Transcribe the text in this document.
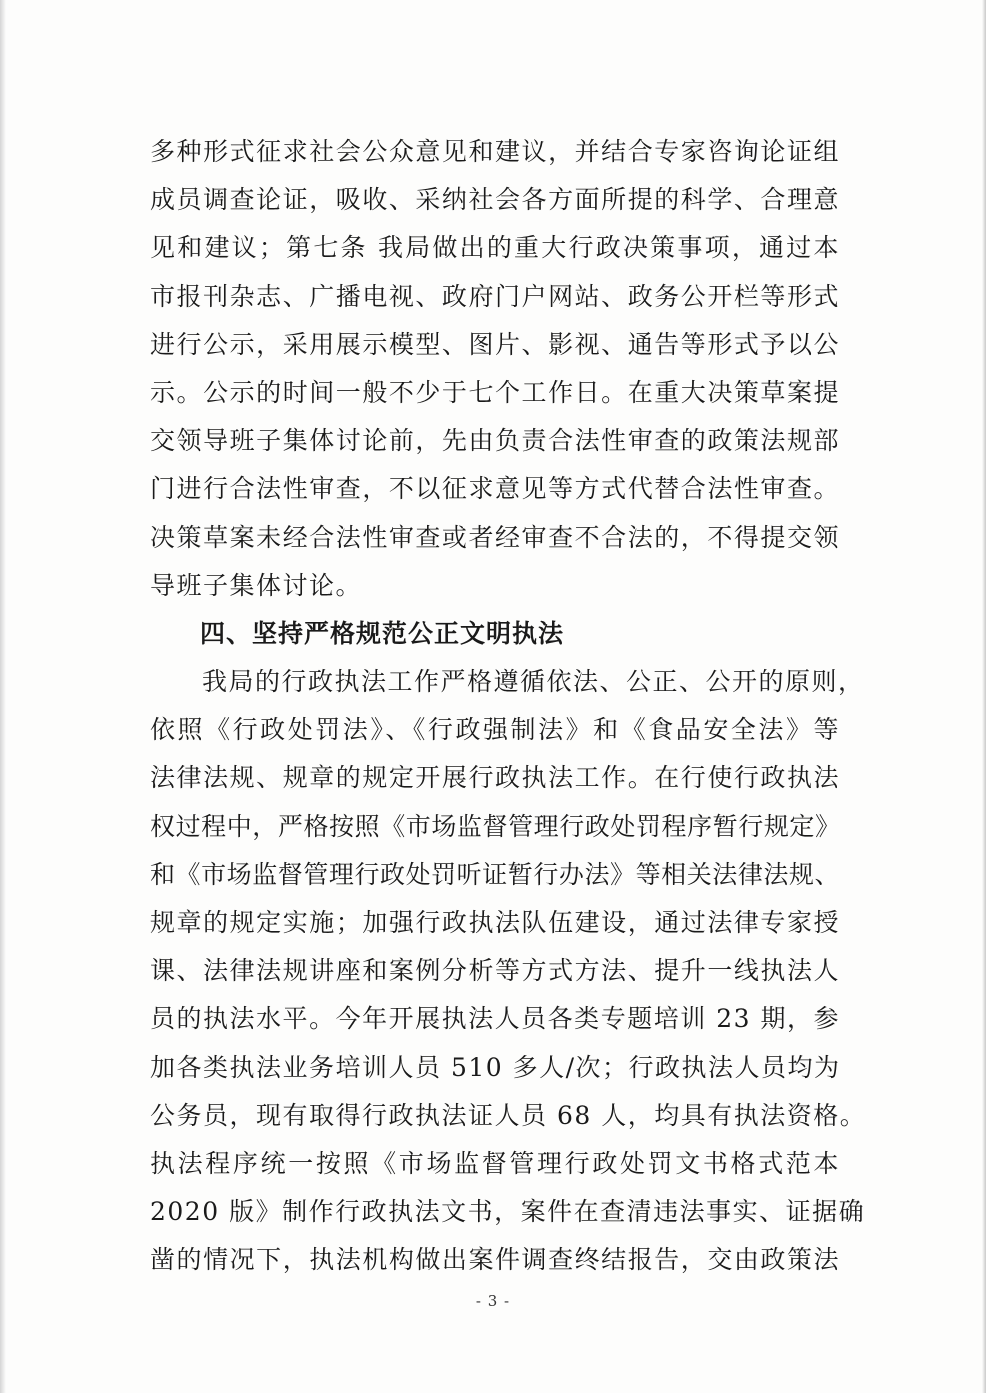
多种形式征求社会公众意见和建议，并结合专家咨询论证组
成员调查论证，吸收、采纳社会各方面所提的科学、合理意
见和建议；第七条 我局做出的重大行政决策事项，通过本
市报刊杂志、广播电视、政府门户网站、政务公开栏等形式
进行公示，采用展示模型、图片、影视、通告等形式予以公
示。公示的时间一般不少于七个工作日。在重大决策草案提
交领导班子集体讨论前，先由负责合法性审查的政策法规部
门进行合法性审查，不以征求意见等方式代替合法性审查。
决策草案未经合法性审查或者经审查不合法的，不得提交领
导班子集体讨论。
四、坚持严格规范公正文明执法
我局的行政执法工作严格遵循依法、公正、公开的原则，
依照《行政处罚法》、《行政强制法》和《食品安全法》等
法律法规、规章的规定开展行政执法工作。在行使行政执法
权过程中，严格按照《市场监督管理行政处罚程序暂行规定》
和《市场监督管理行政处罚听证暂行办法》等相关法律法规、
规章的规定实施；加强行政执法队伍建设，通过法律专家授
课、法律法规讲座和案例分析等方式方法、提升一线执法人
员的执法水平。今年开展执法人员各类专题培训 23 期，参
加各类执法业务培训人员 510 多人/次；行政执法人员均为
公务员，现有取得行政执法证人员 68 人，均具有执法资格。
执法程序统一按照《市场监督管理行政处罚文书格式范本
2020 版》制作行政执法文书，案件在查清违法事实、证据确
凿的情况下，执法机构做出案件调查终结报告，交由政策法
- 3 -
